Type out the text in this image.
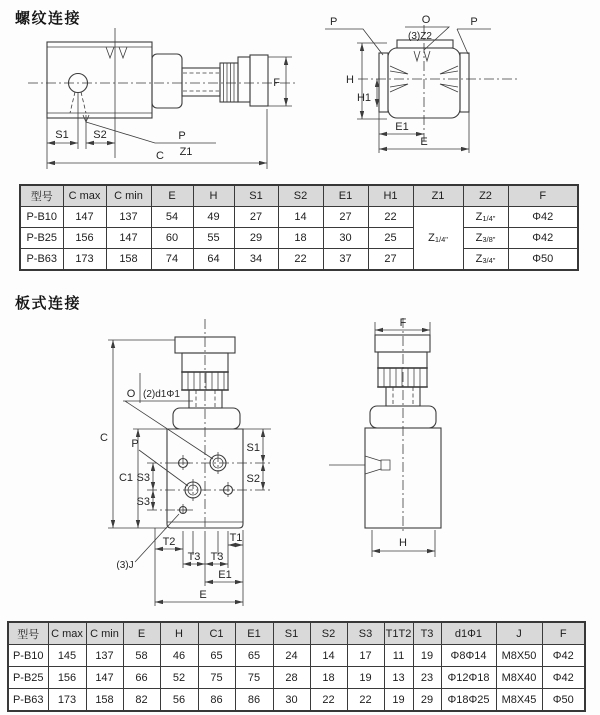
螺纹连接
S1 S2
C
P
Z1
F
P	O
(3)Z2
P
H
H1
E1
E
型号	C max	C min	E	H	S1	S2	E1	H1	Z1	Z2	F
P-B10	147	137	54	49	27	14	27	22	$Z_{1/4"}$	$Z_{1/4"}$	Φ42
P-B25	156	147	60	55	29	18	30	25		$Z_{3/8"}$	Φ42
P-B63	173	158	74	64	34	22	37	27		$Z_{3/4"}$	Φ50
板式连接
C
C1
P
O (2)d1Φ1
S3
S3
S1
S2
T2	T1
T3 T3
(3)J
E1
E
F
H
型号	C max	C min	E	H	C1	E1	S1	S2	S3	T1T2	T3	d1Φ1	J	F
P-B10	145	137	58	46	65	65	24	14	17	11	19	Φ8Φ14	M8X50	Φ42
P-B25	156	147	66	52	75	75	28	18	19	13	23	Φ12Φ18	M8X40	Φ42
P-B63	173	158	82	56	86	86	30	22	22	19	29	Φ18Φ25	M8X45	Φ50
